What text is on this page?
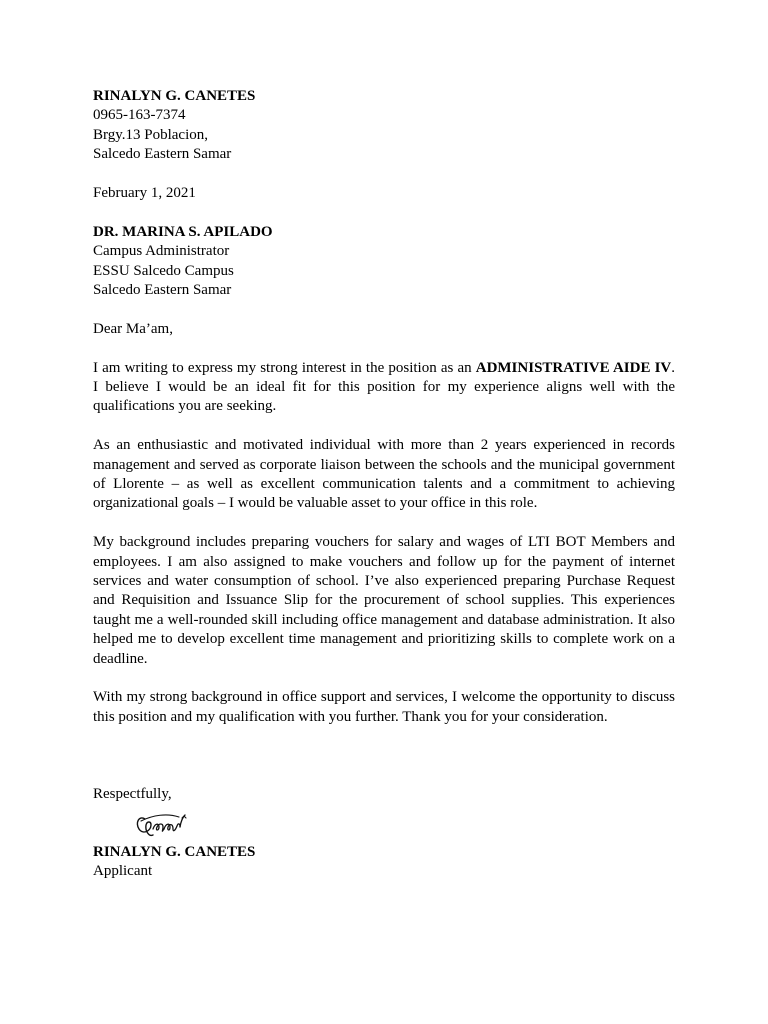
RINALYN G. CANETES
0965-163-7374
Brgy.13 Poblacion,
Salcedo Eastern Samar
February 1, 2021
DR. MARINA S. APILADO
Campus Administrator
ESSU Salcedo Campus
Salcedo Eastern Samar
Dear Ma’am,

I am writing to express my strong interest in the position as an ADMINISTRATIVE AIDE IV. I believe I would be an ideal fit for this position for my experience aligns well with the qualifications you are seeking.

As an enthusiastic and motivated individual with more than 2 years experienced in records management and served as corporate liaison between the schools and the municipal government of Llorente – as well as excellent communication talents and a commitment to achieving organizational goals – I would be valuable asset to your office in this role.

My background includes preparing vouchers for salary and wages of LTI BOT Members and employees. I am also assigned to make vouchers and follow up for the payment of internet services and water consumption of school. I’ve also experienced preparing Purchase Request and Requisition and Issuance Slip for the procurement of school supplies. This experiences taught me a well-rounded skill including office management and database administration. It also helped me to develop excellent time management and prioritizing skills to complete work on a deadline.

With my strong background in office support and services, I welcome the opportunity to discuss this position and my qualification with you further. Thank you for your consideration.

Respectfully,
RINALYN G. CANETES
Applicant
